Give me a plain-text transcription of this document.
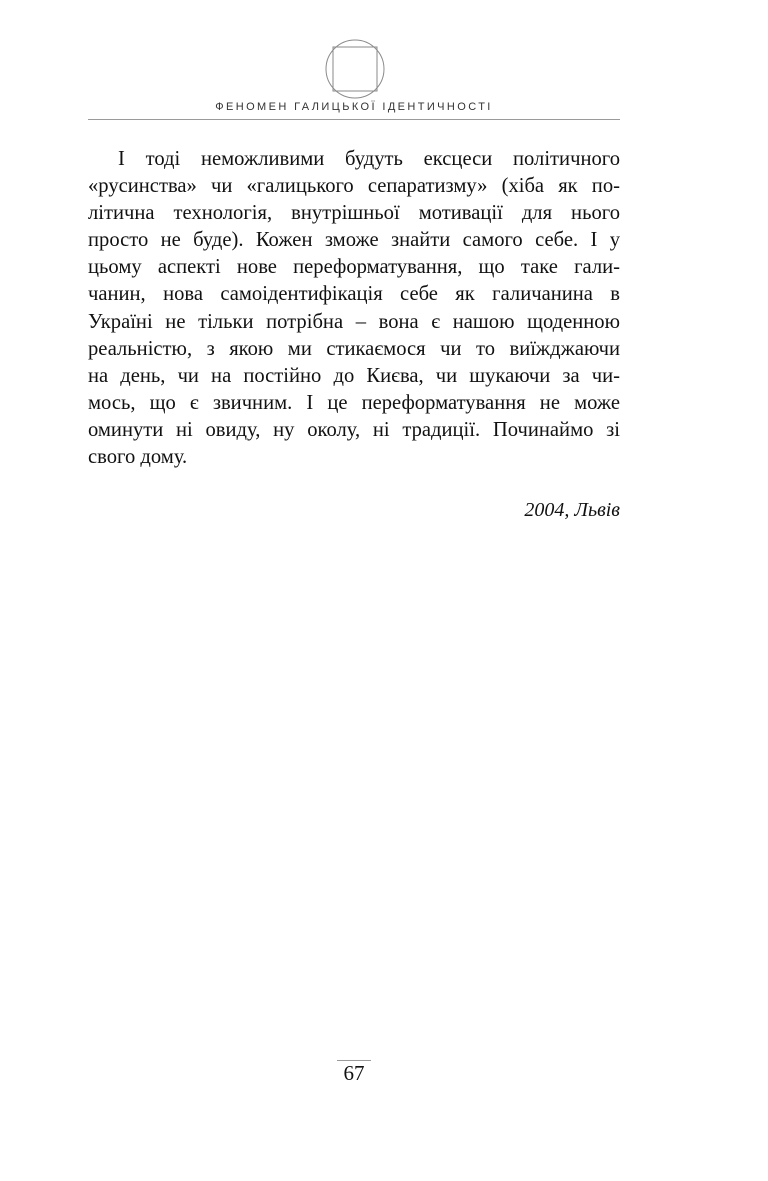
ФЕНОМЕН ГАЛИЦЬКОЇ ІДЕНТИЧНОСТІ
І тоді неможливими будуть ексцеси політичного
«русинства» чи «галицького сепаратизму» (хіба як по-
літична технологія, внутрішньої мотивації для нього
просто не буде). Кожен зможе знайти самого себе. І у
цьому аспекті нове переформатування, що таке гали-
чанин, нова самоідентифікація себе як галичанина в
Україні не тільки потрібна – вона є нашою щоденною
реальністю, з якою ми стикаємося чи то виїжджаючи
на день, чи на постійно до Києва, чи шукаючи за чи-
мось, що є звичним. І це переформатування не може
оминути ні овиду, ну околу, ні традиції. Починаймо зі
свого дому.
2004, Львів
67
